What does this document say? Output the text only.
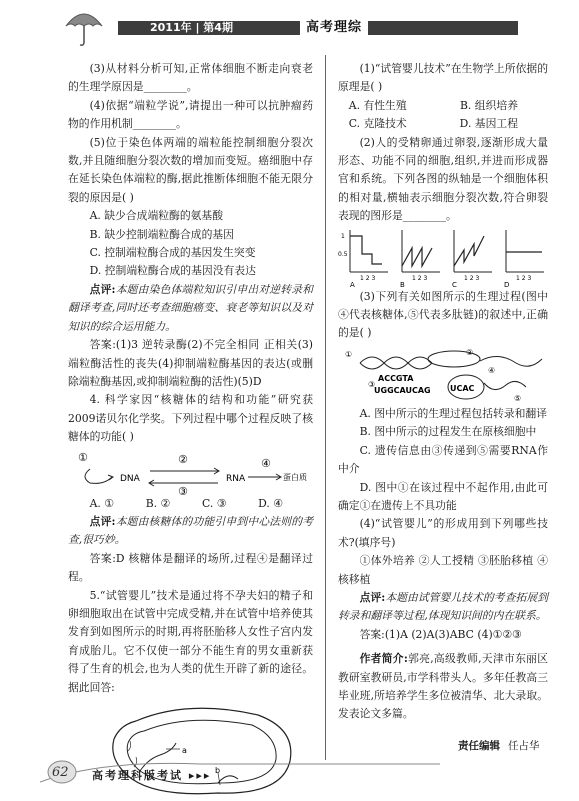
2011年 | 第4期	高考理综

(3)从材料分析可知,正常体细胞不断走向衰老的生理学原因是________。

(4)依据“端粒学说”,请提出一种可以抗肿瘤药物的作用机制________。

(5)位于染色体两端的端粒能控制细胞分裂次数,并且随细胞分裂次数的增加而变短。癌细胞中存在延长染色体端粒的酶,据此推断体细胞不能无限分裂的原因是( )

A. 缺少合成端粒酶的氨基酸

B. 缺少控制端粒酶合成的基因

C. 控制端粒酶合成的基因发生突变

D. 控制端粒酶合成的基因没有表达

点评:本题由染色体端粒知识引申出对逆转录和翻译考查,同时还考查细胞癌变、衰老等知识以及对知识的综合运用能力。

答案:(1)3 逆转录酶(2)不完全相同 正相关(3)端粒酶活性的丧失(4)抑制端粒酶基因的表达(或删除端粒酶基因,或抑制端粒酶的活性)(5)D

4. 科学家因“核糖体的结构和功能”研究获2009诺贝尔化学奖。下列过程中哪个过程反映了核糖体的功能( )

①
DNA
②
③
RNA
④
蛋白质
A. ①	B. ②	C. ③	D. ④

点评:本题由核糖体的功能引申到中心法则的考查,很巧妙。

答案:D 核糖体是翻译的场所,过程④是翻译过程。

5.“试管婴儿”技术是通过将不孕夫妇的精子和卵细胞取出在试管中完成受精,并在试管中培养使其发育到如图所示的时期,再将胚胎移人女性子宫内发育成胎儿。它不仅使一部分不能生育的男女重新获得了生育的机会,也为人类的优生开辟了新的途径。据此回答:

a
b

(1)“试管婴儿技术”在生物学上所依据的原理是( )

A. 有性生殖	B. 组织培养
C. 克隆技术	D. 基因工程

(2)人的受精卵通过卵裂,逐渐形成大量形态、功能不同的细胞,组织,并进而形成器官和系统。下列各图的纵轴是一个细胞体积的相对量,横轴表示细胞分裂次数,符合卵裂表现的图形是________。

1
0.5
1 2 3
A
1 2 3
B
1 2 3
C
1 2 3
D

(3)下列有关如图所示的生理过程(图中④代表核糖体,⑤代表多肽链)的叙述中,正确的是( )

①	②
③
ACCGTA
UGGCAUCAG UCAC
④
⑤

A. 图中所示的生理过程包括转录和翻译

B. 图中所示的过程发生在原核细胞中

C. 遗传信息由③传递到⑤需要RNA作中介

D. 图中①在该过程中不起作用,由此可确定①在遗传上不具功能

(4)“试管婴儿”的形成用到下列哪些技术?(填序号)

①体外培养 ②人工授精 ③胚胎移植 ④核移植

点评:本题由试管婴儿技术的考查拓展到转录和翻译等过程,体现知识间的内在联系。

答案:(1)A (2)A(3)ABC (4)①②③

作者简介:郭亮,高级教师,天津市东丽区教研室教研员,市学科带头人。多年任教高三毕业班,所培养学生多位被清华、北大录取。发表论文多篇。

责任编辑 任占华
62 高考理科版考试 ▸▸▸
